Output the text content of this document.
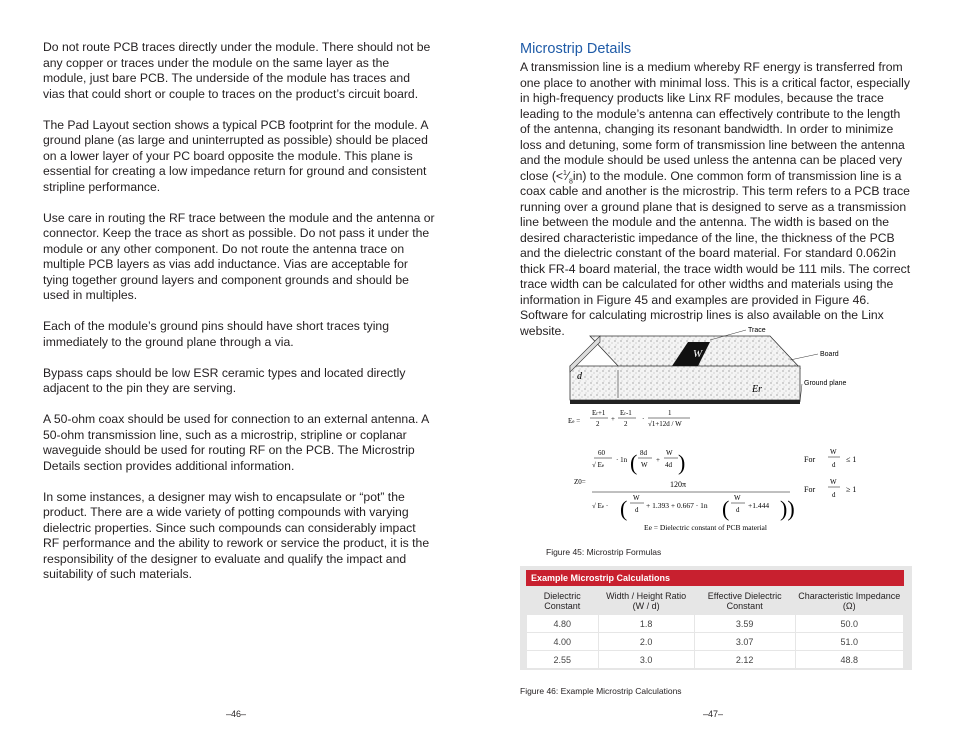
Do not route PCB traces directly under the module. There should not be any copper or traces under the module on the same layer as the module, just bare PCB. The underside of the module has traces and vias that could short or couple to traces on the product’s circuit board.

The Pad Layout section shows a typical PCB footprint for the module. A ground plane (as large and uninterrupted as possible) should be placed on a lower layer of your PC board opposite the module. This plane is essential for creating a low impedance return for ground and consistent stripline performance.

Use care in routing the RF trace between the module and the antenna or connector. Keep the trace as short as possible. Do not pass it under the module or any other component. Do not route the antenna trace on multiple PCB layers as vias add inductance. Vias are acceptable for tying together ground layers and component grounds and should be used in multiples.

Each of the module’s ground pins should have short traces tying immediately to the ground plane through a via.

Bypass caps should be low ESR ceramic types and located directly adjacent to the pin they are serving.

A 50-ohm coax should be used for connection to an external antenna. A 50-ohm transmission line, such as a microstrip, stripline or coplanar waveguide should be used for routing RF on the PCB. The Microstrip Details section provides additional information.

In some instances, a designer may wish to encapsulate or “pot” the product. There are a wide variety of potting compounds with varying dielectric properties. Since such compounds can considerably impact RF performance and the ability to rework or service the product, it is the responsibility of the designer to evaluate and qualify the impact and suitability of such materials.

–46–
Microstrip Details

A transmission line is a medium whereby RF energy is transferred from one place to another with minimal loss. This is a critical factor, especially in high-frequency products like Linx RF modules, because the trace leading to the module’s antenna can effectively contribute to the length of the antenna, changing its resonant bandwidth. In order to minimize loss and detuning, some form of transmission line between the antenna and the module should be used unless the antenna can be placed very close $(<^1⁄_8in)$ to the module. One common form of transmission line is a coax cable and another is the microstrip. This term refers to a PCB trace running over a ground plane that is designed to serve as a transmission line between the module and the antenna. The width is based on the desired characteristic impedance of the line, the thickness of the PCB and the dielectric constant of the board material. For standard 0.062in thick FR-4 board material, the trace width would be 111 mils. The correct trace width can be calculated for other widths and materials using the information in Figure 45 and examples are provided in Figure 46. Software for calculating microstrip lines is also available on the Linx website.

W
d
Er
Trace
Board
Ground plane
Ee =
Er+1
2
+
Er-1
2
·
1
√1+12d / W
60
√ Ee
· 1n ( 8d
W
+
W
4d )
Z0=	120π
√ Ee · ( W
d + 1.393 + 0.667 · 1n ( W
d +1.444 ))
For
W
d
≤ 1
For
W
d
≥ 1
Ee = Dielectric constant of PCB material
Figure 45: Microstrip Formulas
Example Microstrip Calculations
Dielectric Constant	Width / Height Ratio (W / d)	Effective Dielectric Constant	Characteristic Impedance (Ω)
4.80	1.8	3.59	50.0
4.00	2.0	3.07	51.0
2.55	3.0	2.12	48.8
Figure 46: Example Microstrip Calculations
–47–
